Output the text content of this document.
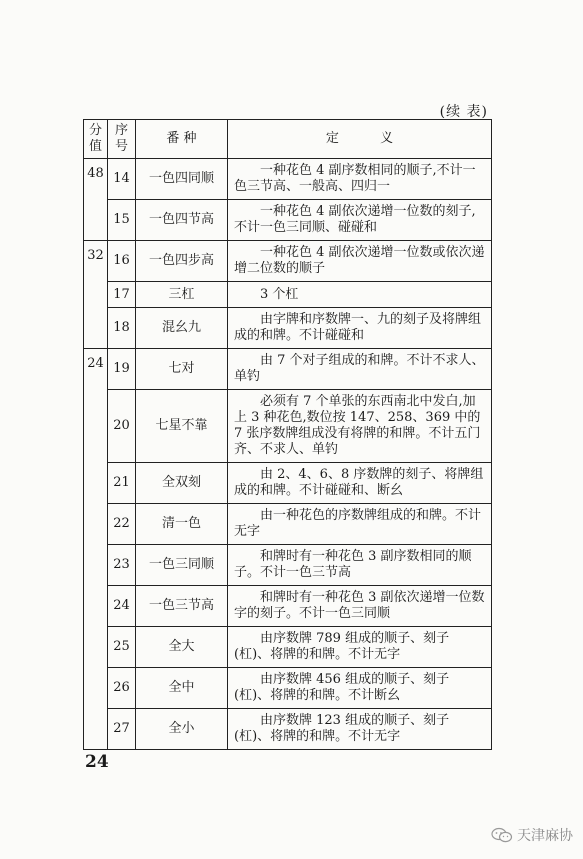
(续 表)
分
值	序
号	番 种	定          义
48	14	一色四同顺	一种花色 4 副序数相同的顺子,不计一色三节高、一般高、四归一

	15	一色四节高	一种花色 4 副依次递增一位数的刻子,不计一色三同顺、碰碰和

32	16	一色四步高	一种花色 4 副依次递增一位数或依次递增二位数的顺子

	17	三杠	3 个杠

	18	混幺九	由字牌和序数牌一、九的刻子及将牌组成的和牌。不计碰碰和

24	19	七对	由 7 个对子组成的和牌。不计不求人、单钓

	20	七星不靠	必须有 7 个单张的东西南北中发白,加上 3 种花色,数位按 147、258、369 中的 7 张序数牌组成没有将牌的和牌。不计五门齐、不求人、单钓

	21	全双刻	由 2、4、6、8 序数牌的刻子、将牌组成的和牌。不计碰碰和、断幺

	22	清一色	由一种花色的序数牌组成的和牌。不计无字

	23	一色三同顺	和牌时有一种花色 3 副序数相同的顺子。不计一色三节高

	24	一色三节高	和牌时有一种花色 3 副依次递增一位数字的刻子。不计一色三同顺

	25	全大	由序数牌 789 组成的顺子、刻子(杠)、将牌的和牌。不计无字

	26	全中	由序数牌 456 组成的顺子、刻子(杠)、将牌的和牌。不计断幺

	27	全小	由序数牌 123 组成的顺子、刻子(杠)、将牌的和牌。不计无字
24
天津麻协
